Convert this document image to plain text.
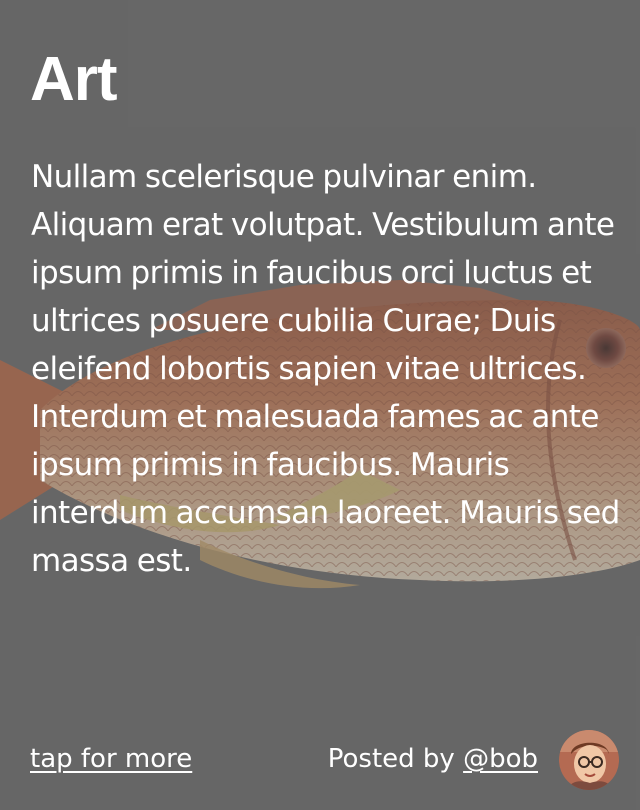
Art

Nullam scelerisque pulvinar enim. Aliquam erat volutpat. Vestibulum ante ipsum primis in faucibus orci luctus et ultrices posuere cubilia Curae; Duis eleifend lobortis sapien vitae ultrices. Interdum et malesuada fames ac ante ipsum primis in faucibus. Mauris interdum accumsan laoreet. Mauris sed massa est.

tap for more	Posted by @bob
